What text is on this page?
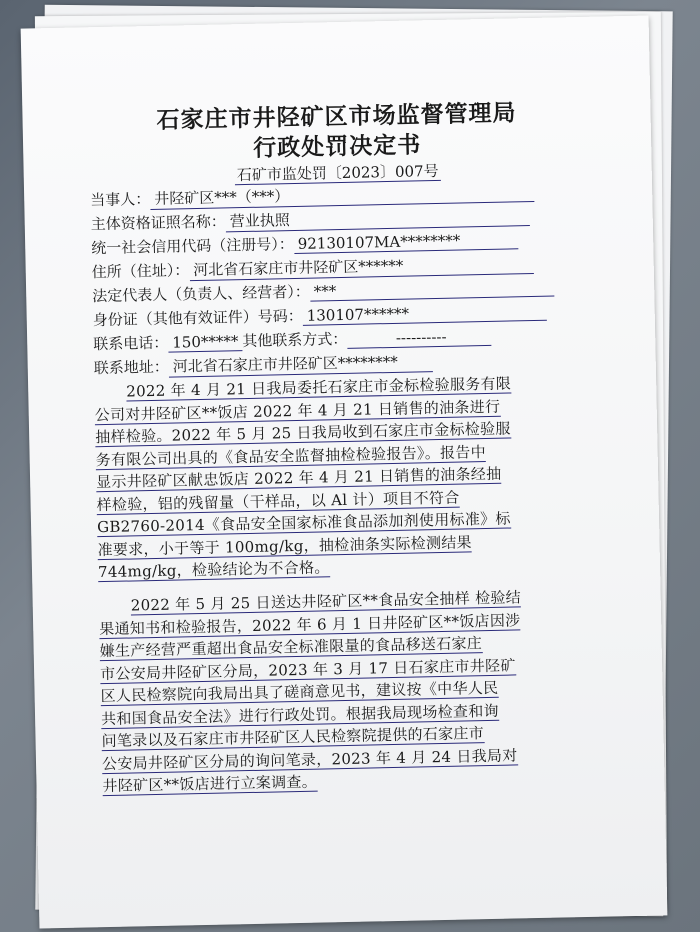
石家庄市井陉矿区市场监督管理局
行政处罚决定书
石矿市监处罚〔2023〕007号
当事人： 井陉矿区***（***）
主体资格证照名称： 营业执照
统一社会信用代码（注册号）： 92130107MA********
住所（住址）： 河北省石家庄市井陉矿区******
法定代表人（负责人、经营者）： ***
身份证（其他有效证件）号码： 130107******
联系电话： 150***** 其他联系方式：	----------
联系地址： 河北省石家庄市井陉矿区********
2022 年 4 月 21 日我局委托石家庄市金标检验服务有限
公司对井陉矿区**饭店 2022 年 4 月 21 日销售的油条进行
抽样检验。2022 年 5 月 25 日我局收到石家庄市金标检验服
务有限公司出具的《食品安全监督抽检检验报告》。报告中
显示井陉矿区献忠饭店 2022 年 4 月 21 日销售的油条经抽
样检验，铝的残留量（干样品，以 Al 计）项目不符合
GB2760-2014《食品安全国家标准食品添加剂使用标准》标
准要求，小于等于 100mg/kg，抽检油条实际检测结果
744mg/kg，检验结论为不合格。
2022 年 5 月 25 日送达井陉矿区**食品安全抽样 检验结
果通知书和检验报告，2022 年 6 月 1 日井陉矿区**饭店因涉
嫌生产经营严重超出食品安全标准限量的食品移送石家庄
市公安局井陉矿区分局，2023 年 3 月 17 日石家庄市井陉矿
区人民检察院向我局出具了磋商意见书，建议按《中华人民
共和国食品安全法》进行行政处罚。根据我局现场检查和询
问笔录以及石家庄市井陉矿区人民检察院提供的石家庄市
公安局井陉矿区分局的询问笔录，2023 年 4 月 24 日我局对
井陉矿区**饭店进行立案调查。
